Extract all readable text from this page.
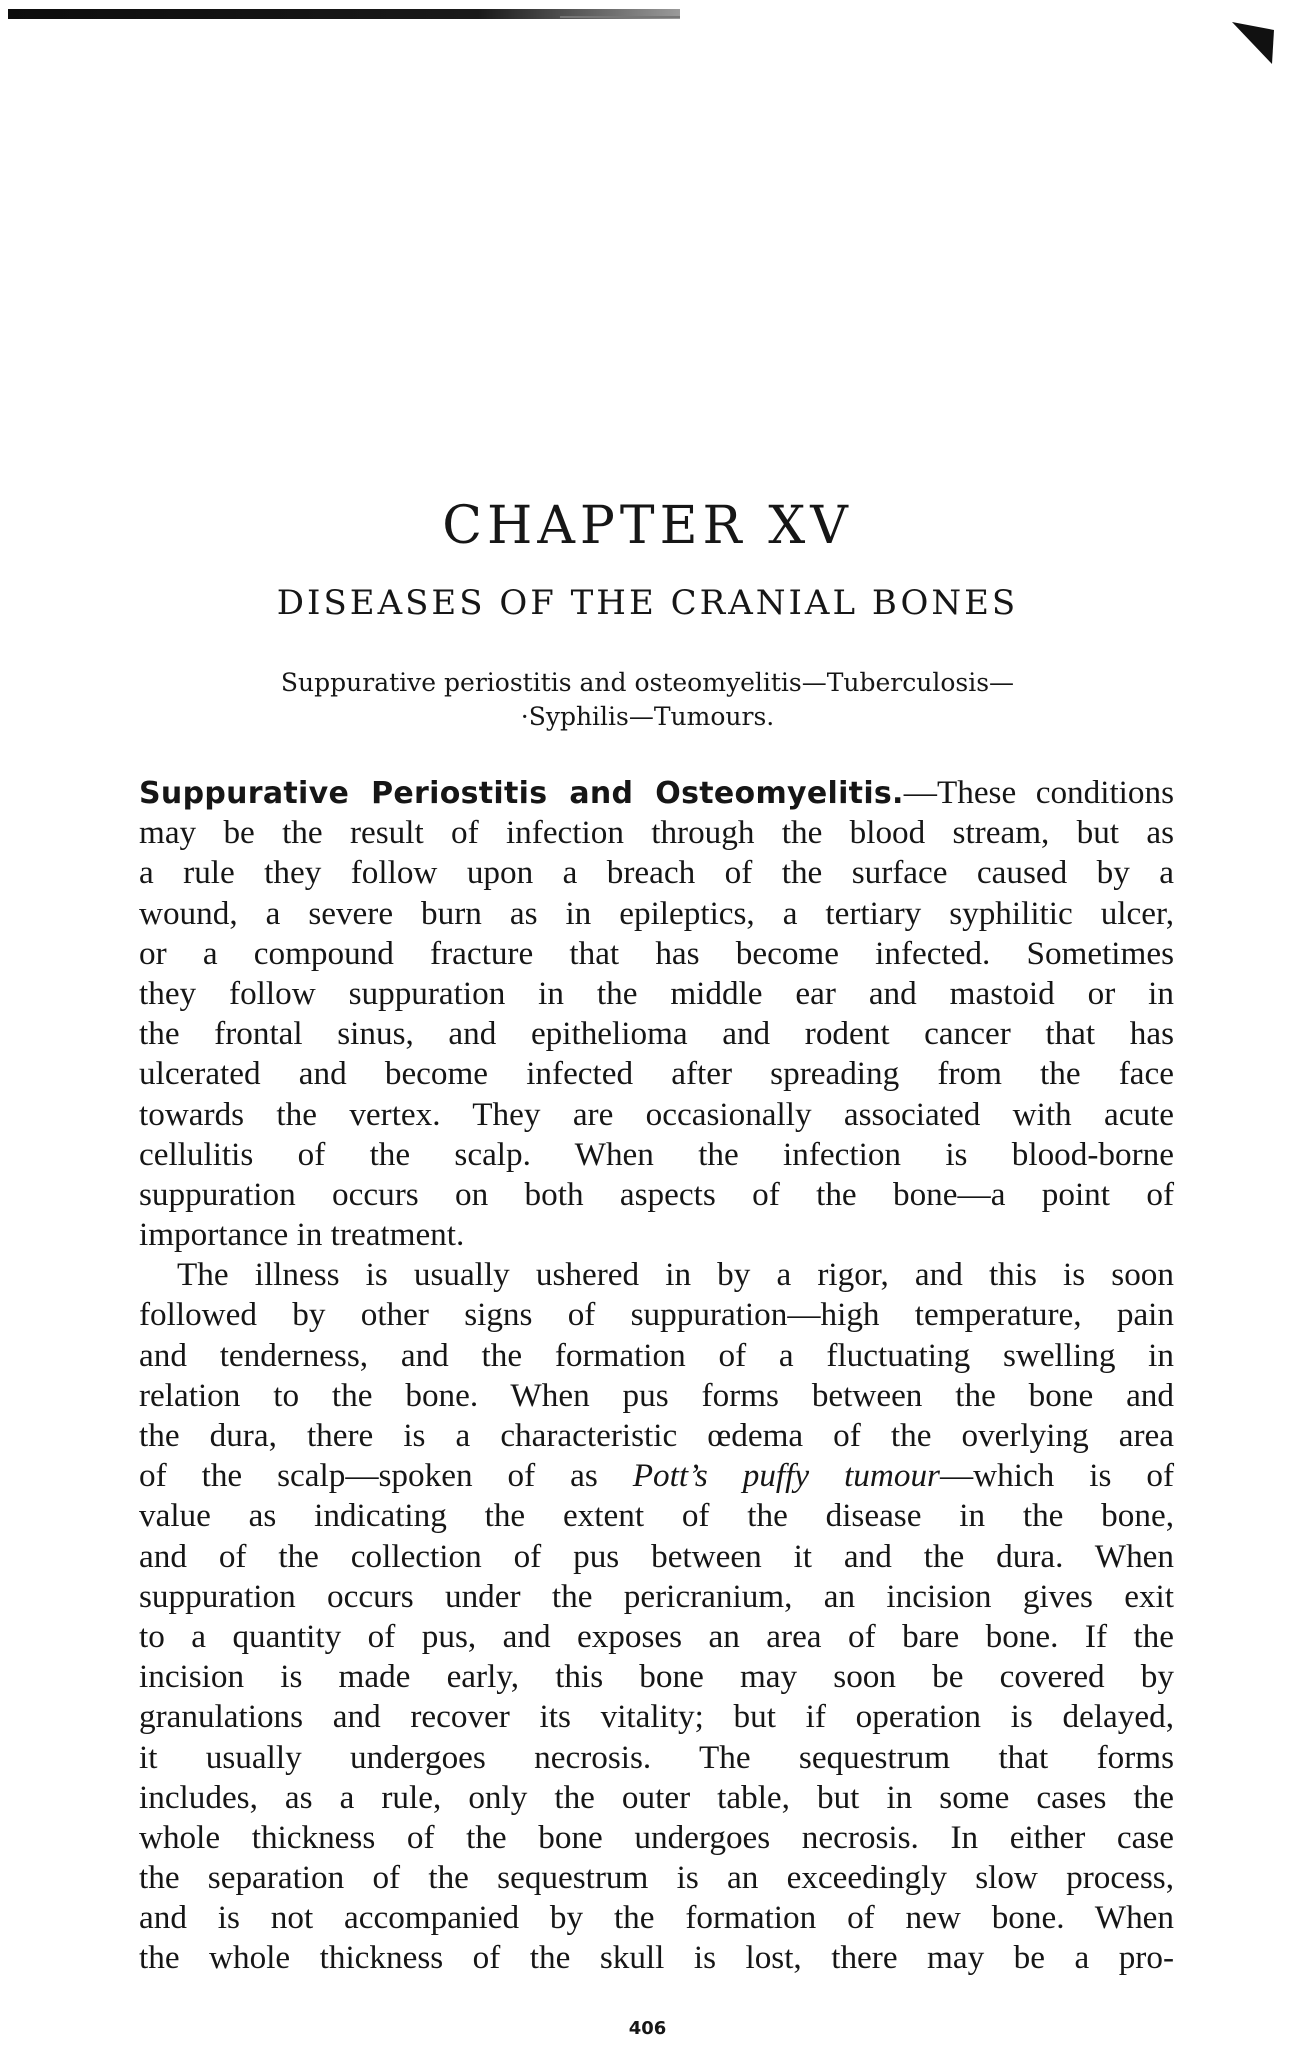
CHAPTER XV
DISEASES OF THE CRANIAL BONES
Suppurative periostitis and osteomyelitis—Tuberculosis—
·Syphilis—Tumours.
Suppurative Periostitis and Osteomyelitis.—These conditions
may be the result of infection through the blood stream, but as
a rule they follow upon a breach of the surface caused by a
wound, a severe burn as in epileptics, a tertiary syphilitic ulcer,
or a compound fracture that has become infected. Sometimes
they follow suppuration in the middle ear and mastoid or in
the frontal sinus, and epithelioma and rodent cancer that has
ulcerated and become infected after spreading from the face
towards the vertex. They are occasionally associated with acute
cellulitis of the scalp. When the infection is blood-borne
suppuration occurs on both aspects of the bone—a point of
importance in treatment.
The illness is usually ushered in by a rigor, and this is soon
followed by other signs of suppuration—high temperature, pain
and tenderness, and the formation of a fluctuating swelling in
relation to the bone. When pus forms between the bone and
the dura, there is a characteristic œdema of the overlying area
of the scalp—spoken of as Pott’s puffy tumour—which is of
value as indicating the extent of the disease in the bone,
and of the collection of pus between it and the dura. When
suppuration occurs under the pericranium, an incision gives exit
to a quantity of pus, and exposes an area of bare bone. If the
incision is made early, this bone may soon be covered by
granulations and recover its vitality; but if operation is delayed,
it usually undergoes necrosis. The sequestrum that forms
includes, as a rule, only the outer table, but in some cases the
whole thickness of the bone undergoes necrosis. In either case
the separation of the sequestrum is an exceedingly slow process,
and is not accompanied by the formation of new bone. When
the whole thickness of the skull is lost, there may be a pro-
406
